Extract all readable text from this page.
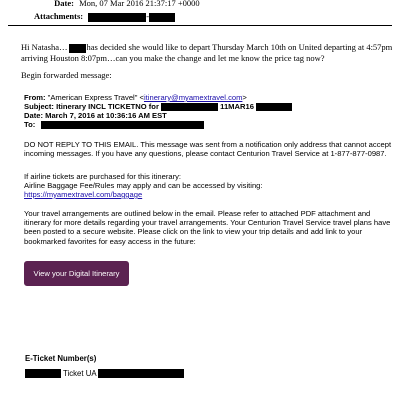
Date: Mon, 07 Mar 2016 21:37:17 +0000
Attachments:	-
Hi Natasha… has decided she would like to depart Thursday March 10th on United departing at 4:57pm arriving Houston 8:07pm…can you make the change and let me know the price tag now?
Begin forwarded message:
From: "American Express Travel" <itinerary@myamextravel.com>
Subject: Itinerary INCL TICKETNO for	11MAR16
Date: March 7, 2016 at 10:36:16 AM EST
To:
DO NOT REPLY TO THIS EMAIL. This message was sent from a notification only address that cannot accept incoming messages. If you have any questions, please contact Centurion Travel Service at 1-877-877-0987.
If airline tickets are purchased for this itinerary:
Airline Baggage Fee/Rules may apply and can be accessed by visiting:
https://myamextravel.com/baggage
Your travel arrangements are outlined below in the email. Please refer to attached PDF attachment and itinerary for more details regarding your travel arrangements. Your Centurion Travel Service travel plans have been posted to a secure website. Please click on the link to view your trip details and add link to your bookmarked favorites for easy access in the future:
View your Digital Itinerary
E-Ticket Number(s)
Ticket UA
